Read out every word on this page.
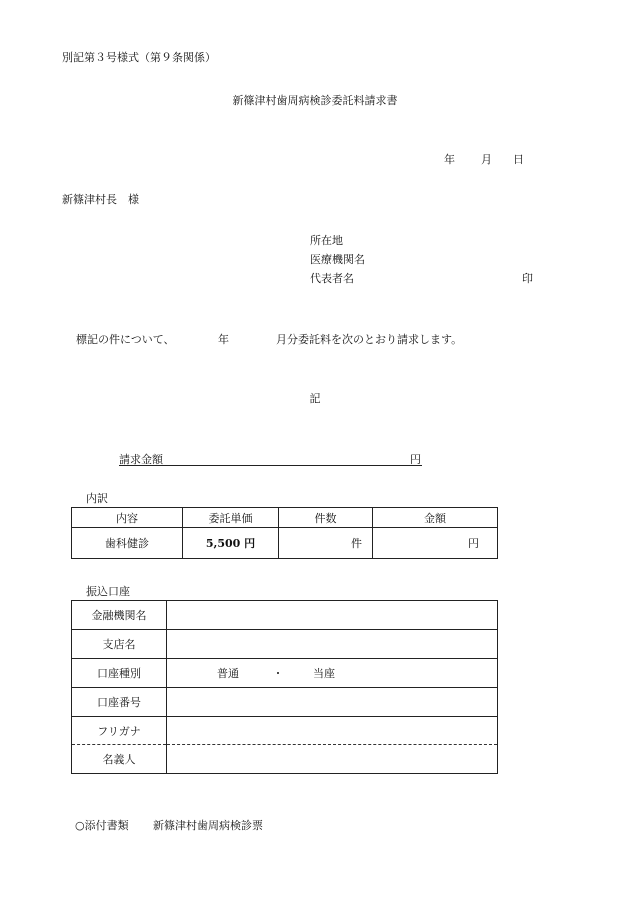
別記第３号様式（第９条関係）
新篠津村歯周病検診委託料請求書
年 月 日
新篠津村長　様
所在地
医療機関名
代表者名	印
標記の件について、	年	月分委託料を次のとおり請求します。
記
請求金額	円
内訳
内容	委託単価	件数	金額
歯科健診	5,500 円	件	円
振込口座
金融機関名	
支店名	
口座種別	普通 ・ 当座
口座番号	
フリガナ	
名義人	
○添付書類 新篠津村歯周病検診票
